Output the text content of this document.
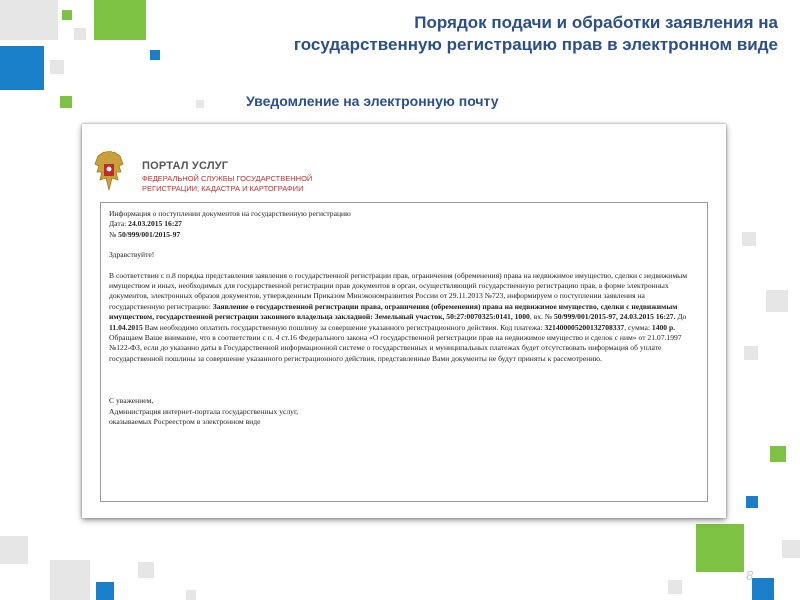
Порядок подачи и обработки заявления на
государственную регистрацию прав в электронном виде
Уведомление на электронную почту
ПОРТАЛ УСЛУГ
ФЕДЕРАЛЬНОЙ СЛУЖБЫ ГОСУДАРСТВЕННОЙ
РЕГИСТРАЦИИ, КАДАСТРА И КАРТОГРАФИИ

Информация о поступлении документов на государственную регистрацию

Дата: 24.03.2015 16:27

№ 50/999/001/2015-97

Здравствуйте!

В соответствии с п.8 порядка представления заявления о государственной регистрации прав, ограничения (обременения) права на недвижимое имущество, сделки с недвижимым имуществом и иных, необходимых для государственной регистрации прав документов в орган, осуществляющий государственную регистрацию прав, в форме электронных документов, электронных образов документов, утвержденным Приказом Минэкономразвития России от 29.11.2013 №723, информируем о поступлении заявления на государственную регистрацию: Заявление о государственной регистрации права, ограничения (обременения) права на недвижимое имущество, сделки с недвижимым имуществом, государственной регистрации законного владельца закладной: Земельный участок, 50:27:0070325:0141, 1000, вх. № 50/999/001/2015-97, 24.03.2015 16:27. До 11.04.2015 Вам необходимо оплатить государственную пошлину за совершение указанного регистрационного действия. Код платежа: 321400005200132708337, сумма: 1400 р.

Обращаем Ваше внимание, что в соответствии с п. 4 ст.16 Федерального закона «О государственной регистрации прав на недвижимое имущество и сделок с ним» от 21.07.1997 №122-ФЗ, если до указанно даты в Государственной информационной системе о государственных и муниципальных платежах будет отсутствовать информация об уплате государственной пошлины за совершение указанного регистрационного действия, представленные Вами документы не будут приняты к рассмотрению.

С уважением,

Администрация интернет-портала государственных услуг,

оказываемых Росреестром в электронном виде

8
